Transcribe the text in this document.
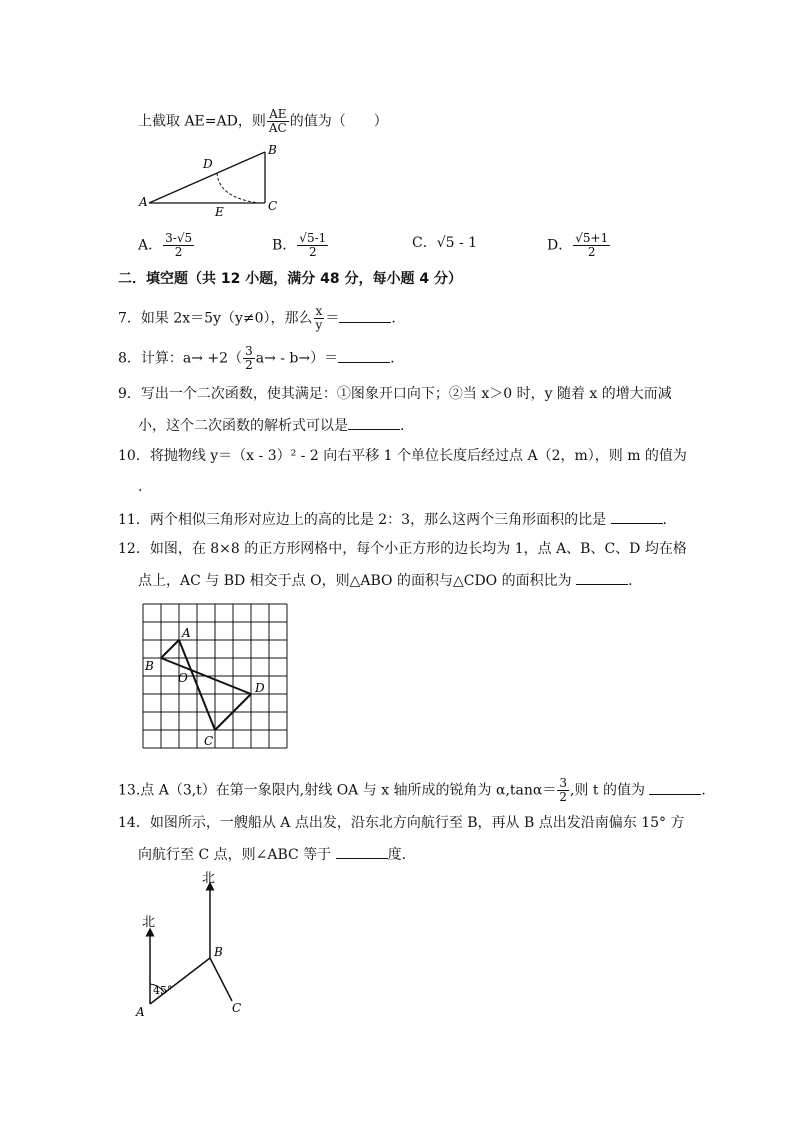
上截取 AE=AD，则 $\frac{AE}{AC}$ 的值为（　　）
A
B
C
D
E
A． $\frac{3-√5}{2}$	B． $\frac{√5-1}{2}$	C．√5 - 1	D． $\frac{√5+1}{2}$
二．填空题（共 12 小题，满分 48 分，每小题 4 分）
7．如果 2x＝5y（y≠0），那么 $\frac{x}{y}$ ＝	.
8．计算：$a\to +2( \frac{3}{2} a\to - b\to)=$	.
9．写出一个二次函数，使其满足：①图象开口向下；②当 x＞0 时，y 随着 x 的增大而减
小，这个二次函数的解析式可以是	.
10．将抛物线 y＝（x - 3）² - 2 向右平移 1 个单位长度后经过点 A（2，m），则 m 的值为
.
11．两个相似三角形对应边上的高的比是 2：3，那么这两个三角形面积的比是	.
12．如图，在 8×8 的正方形网格中，每个小正方形的边长均为 1，点 A、B、C、D 均在格
点上，AC 与 BD 相交于点 O，则△ABO 的面积与△CDO 的面积比为	.
A
B
O
D
C
13.点 A（3,t）在第一象限内,射线 OA 与 x 轴所成的锐角为 $\alpha,\tan\alpha= \frac{3}{2}$ ,则 t 的值为	.
14．如图所示，一艘船从 A 点出发，沿东北方向航行至 B，再从 B 点出发沿南偏东 15° 方
向航行至 C 点，则∠ABC 等于	度.
北
北
A
B
C
45°
